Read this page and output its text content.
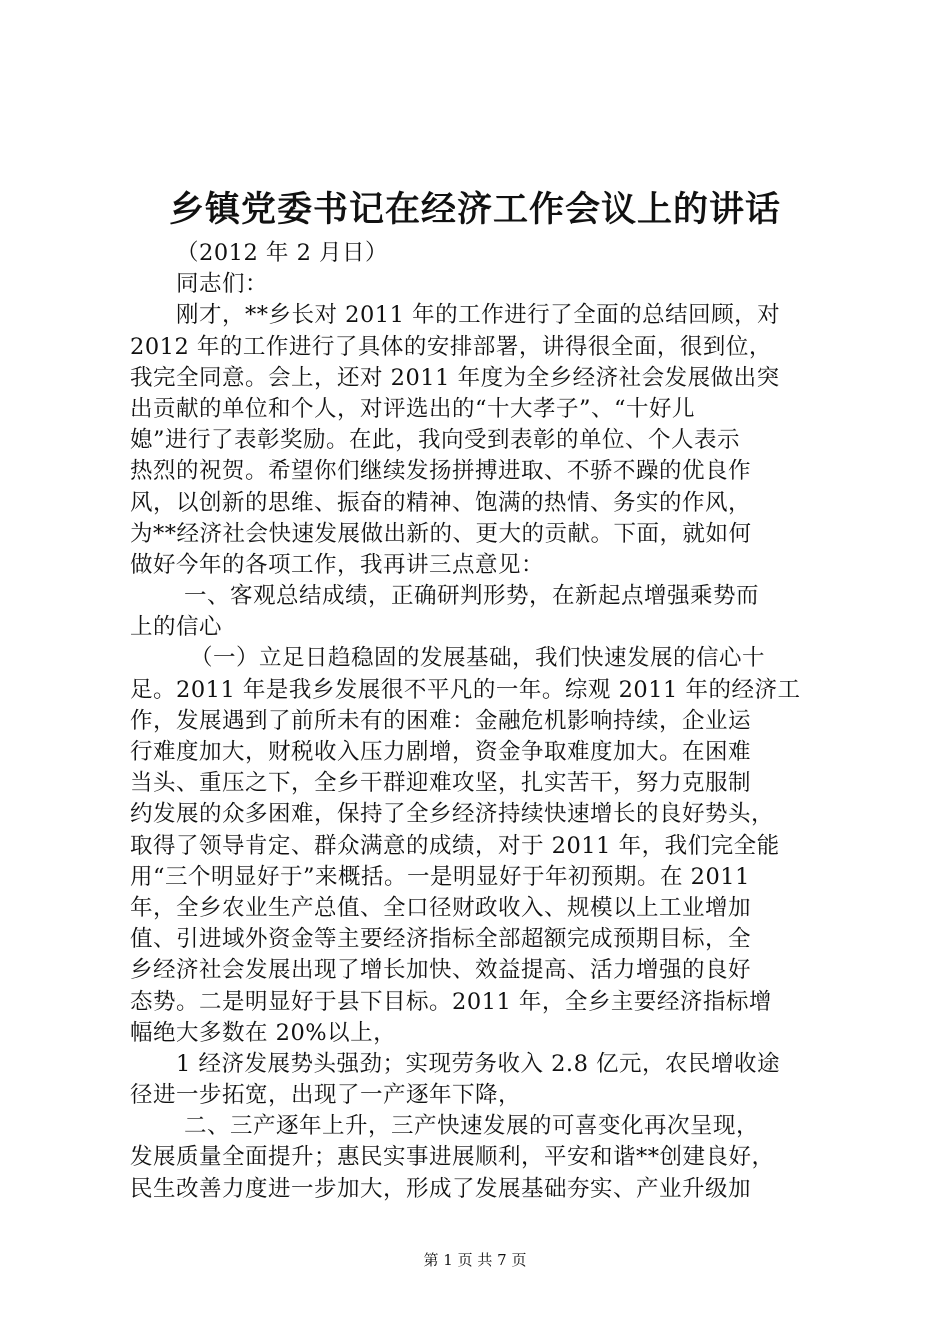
乡镇党委书记在经济工作会议上的讲话
（2012 年 2 月日）
同志们：
刚才，**乡长对 2011 年的工作进行了全面的总结回顾，对
2012 年的工作进行了具体的安排部署，讲得很全面，很到位，
我完全同意。会上，还对 2011 年度为全乡经济社会发展做出突
出贡献的单位和个人，对评选出的“十大孝子”、“十好儿
媳”进行了表彰奖励。在此，我向受到表彰的单位、个人表示
热烈的祝贺。希望你们继续发扬拼搏进取、不骄不躁的优良作
风，以创新的思维、振奋的精神、饱满的热情、务实的作风，
为**经济社会快速发展做出新的、更大的贡献。下面，就如何
做好今年的各项工作，我再讲三点意见：
一、客观总结成绩，正确研判形势，在新起点增强乘势而
上的信心
（一）立足日趋稳固的发展基础，我们快速发展的信心十
足。2011 年是我乡发展很不平凡的一年。综观 2011 年的经济工
作，发展遇到了前所未有的困难：金融危机影响持续，企业运
行难度加大，财税收入压力剧增，资金争取难度加大。在困难
当头、重压之下，全乡干群迎难攻坚，扎实苦干，努力克服制
约发展的众多困难，保持了全乡经济持续快速增长的良好势头，
取得了领导肯定、群众满意的成绩，对于 2011 年，我们完全能
用“三个明显好于”来概括。一是明显好于年初预期。在 2011
年，全乡农业生产总值、全口径财政收入、规模以上工业增加
值、引进域外资金等主要经济指标全部超额完成预期目标，全
乡经济社会发展出现了增长加快、效益提高、活力增强的良好
态势。二是明显好于县下目标。2011 年，全乡主要经济指标增
幅绝大多数在 20%以上，
1 经济发展势头强劲；实现劳务收入 2.8 亿元，农民增收途
径进一步拓宽，出现了一产逐年下降，
二、三产逐年上升，三产快速发展的可喜变化再次呈现，
发展质量全面提升；惠民实事进展顺利，平安和谐**创建良好，
民生改善力度进一步加大，形成了发展基础夯实、产业升级加
第 1 页 共 7 页
